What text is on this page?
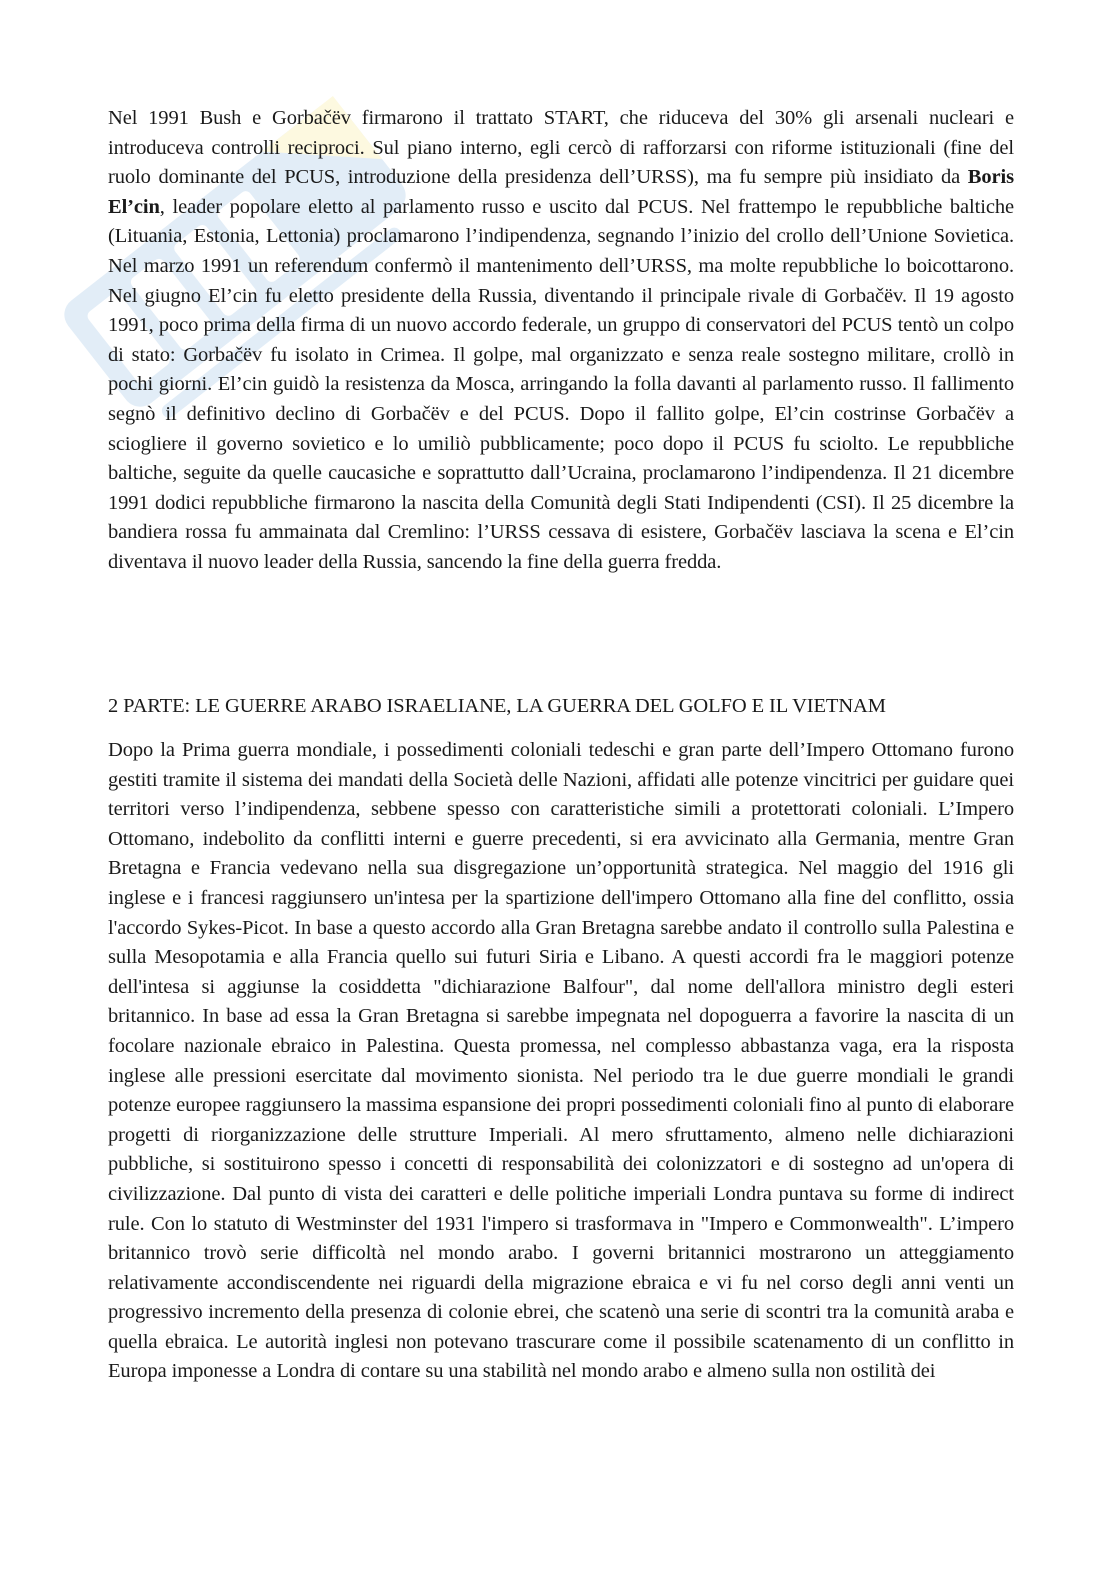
Nel 1991 Bush e Gorbačëv firmarono il trattato START, che riduceva del 30% gli arsenali nucleari e introduceva controlli reciproci. Sul piano interno, egli cercò di rafforzarsi con riforme istituzionali (fine del ruolo dominante del PCUS, introduzione della presidenza dell’URSS), ma fu sempre più insidiato da Boris El’cin, leader popolare eletto al parlamento russo e uscito dal PCUS. Nel frattempo le repubbliche baltiche (Lituania, Estonia, Lettonia) proclamarono l’indipendenza, segnando l’inizio del crollo dell’Unione Sovietica. Nel marzo 1991 un referendum confermò il mantenimento dell’URSS, ma molte repubbliche lo boicottarono. Nel giugno El’cin fu eletto presidente della Russia, diventando il principale rivale di Gorbačëv. Il 19 agosto 1991, poco prima della firma di un nuovo accordo federale, un gruppo di conservatori del PCUS tentò un colpo di stato: Gorbačëv fu isolato in Crimea. Il golpe, mal organizzato e senza reale sostegno militare, crollò in pochi giorni. El’cin guidò la resistenza da Mosca, arringando la folla davanti al parlamento russo. Il fallimento segnò il definitivo declino di Gorbačëv e del PCUS. Dopo il fallito golpe, El’cin costrinse Gorbačëv a sciogliere il governo sovietico e lo umiliò pubblicamente; poco dopo il PCUS fu sciolto. Le repubbliche baltiche, seguite da quelle caucasiche e soprattutto dall’Ucraina, proclamarono l’indipendenza. Il 21 dicembre 1991 dodici repubbliche firmarono la nascita della Comunità degli Stati Indipendenti (CSI). Il 25 dicembre la bandiera rossa fu ammainata dal Cremlino: l’URSS cessava di esistere, Gorbačëv lasciava la scena e El’cin diventava il nuovo leader della Russia, sancendo la fine della guerra fredda.

2 PARTE: LE GUERRE ARABO ISRAELIANE, LA GUERRA DEL GOLFO E IL VIETNAM

Dopo la Prima guerra mondiale, i possedimenti coloniali tedeschi e gran parte dell’Impero Ottomano furono gestiti tramite il sistema dei mandati della Società delle Nazioni, affidati alle potenze vincitrici per guidare quei territori verso l’indipendenza, sebbene spesso con caratteristiche simili a protettorati coloniali. L’Impero Ottomano, indebolito da conflitti interni e guerre precedenti, si era avvicinato alla Germania, mentre Gran Bretagna e Francia vedevano nella sua disgregazione un’opportunità strategica. Nel maggio del 1916 gli inglese e i francesi raggiunsero un'intesa per la spartizione dell'impero Ottomano alla fine del conflitto, ossia l'accordo Sykes-Picot. In base a questo accordo alla Gran Bretagna sarebbe andato il controllo sulla Palestina e sulla Mesopotamia e alla Francia quello sui futuri Siria e Libano. A questi accordi fra le maggiori potenze dell'intesa si aggiunse la cosiddetta "dichiarazione Balfour", dal nome dell'allora ministro degli esteri britannico. In base ad essa la Gran Bretagna si sarebbe impegnata nel dopoguerra a favorire la nascita di un focolare nazionale ebraico in Palestina. Questa promessa, nel complesso abbastanza vaga, era la risposta inglese alle pressioni esercitate dal movimento sionista. Nel periodo tra le due guerre mondiali le grandi potenze europee raggiunsero la massima espansione dei propri possedimenti coloniali fino al punto di elaborare progetti di riorganizzazione delle strutture Imperiali. Al mero sfruttamento, almeno nelle dichiarazioni pubbliche, si sostituirono spesso i concetti di responsabilità dei colonizzatori e di sostegno ad un'opera di civilizzazione. Dal punto di vista dei caratteri e delle politiche imperiali Londra puntava su forme di indirect rule. Con lo statuto di Westminster del 1931 l'impero si trasformava in "Impero e Commonwealth". L’impero britannico trovò serie difficoltà nel mondo arabo. I governi britannici mostrarono un atteggiamento relativamente accondiscendente nei riguardi della migrazione ebraica e vi fu nel corso degli anni venti un progressivo incremento della presenza di colonie ebrei, che scatenò una serie di scontri tra la comunità araba e quella ebraica. Le autorità inglesi non potevano trascurare come il possibile scatenamento di un conflitto in Europa imponesse a Londra di contare su una stabilità nel mondo arabo e almeno sulla non ostilità dei
